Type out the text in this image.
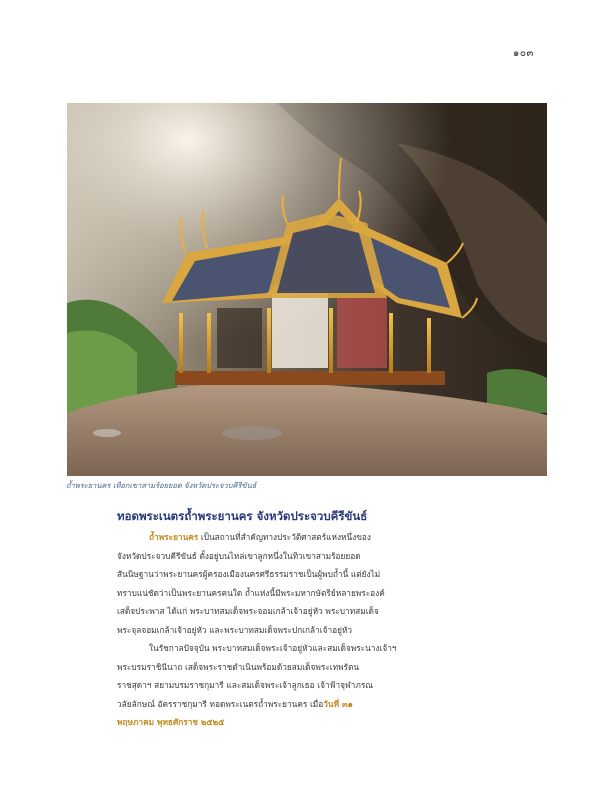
๑๐๓
ถ้ำพระยานคร เทือกเขาสามร้อยยอด จังหวัดประจวบคีรีขันธ์
ทอดพระเนตรถ้ำพระยานคร จังหวัดประจวบคีรีขันธ์
ถ้ำพระยานคร เป็นสถานที่สำคัญทางประวัติศาสตร์แห่งหนึ่งของ
จังหวัดประจวบคีรีขันธ์ ตั้งอยู่บนไหล่เขาลูกหนึ่งในทิวเขาสามร้อยยอด
สันนิษฐานว่าพระยานครผู้ครองเมืองนครศรีธรรมราชเป็นผู้พบถ้ำนี้ แต่ยังไม่
ทราบแน่ชัดว่าเป็นพระยานครคนใด ถ้ำแห่งนี้มีพระมหากษัตริย์หลายพระองค์
เสด็จประพาส ได้แก่ พระบาทสมเด็จพระจอมเกล้าเจ้าอยู่หัว พระบาทสมเด็จ
พระจุลจอมเกล้าเจ้าอยู่หัว และพระบาทสมเด็จพระปกเกล้าเจ้าอยู่หัว
ในรัชกาลปัจจุบัน พระบาทสมเด็จพระเจ้าอยู่หัวและสมเด็จพระนางเจ้าฯ
พระบรมราชินีนาถ เสด็จพระราชดำเนินพร้อมด้วยสมเด็จพระเทพรัตน
ราชสุดาฯ สยามบรมราชกุมารี และสมเด็จพระเจ้าลูกเธอ เจ้าฟ้าจุฬาภรณ
วลัยลักษณ์ อัครราชกุมารี ทอดพระเนตรถ้ำพระยานคร เมื่อวันที่ ๓๑
พฤษภาคม พุทธศักราช ๒๕๒๕
